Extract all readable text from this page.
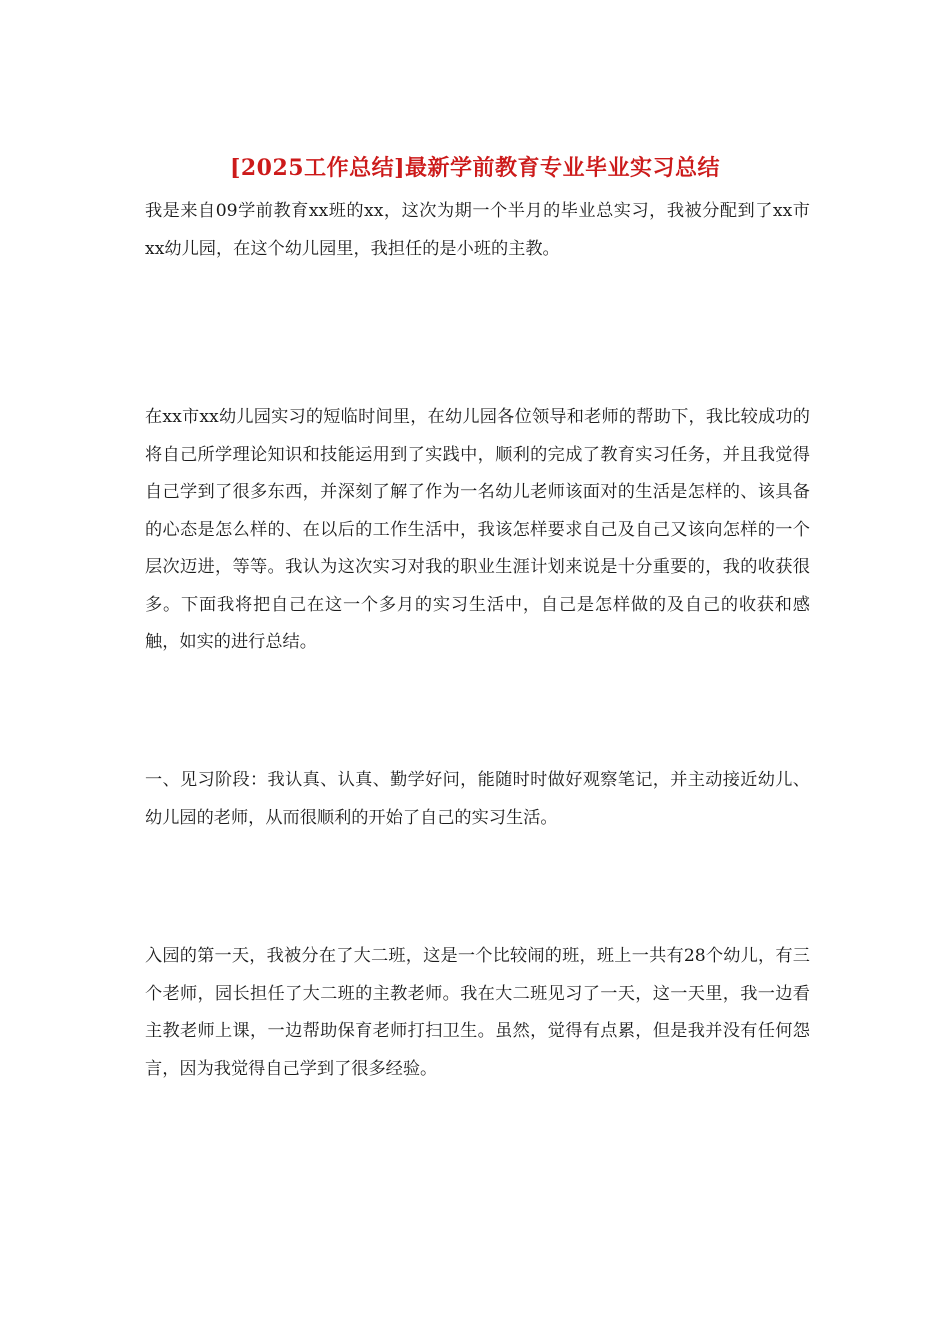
[2025工作总结]最新学前教育专业毕业实习总结

我是来自09学前教育xx班的xx，这次为期一个半月的毕业总实习，我被分配到了xx市xx幼儿园，在这个幼儿园里，我担任的是小班的主教。

在xx市xx幼儿园实习的短临时间里，在幼儿园各位领导和老师的帮助下，我比较成功的将自己所学理论知识和技能运用到了实践中，顺利的完成了教育实习任务，并且我觉得自己学到了很多东西，并深刻了解了作为一名幼儿老师该面对的生活是怎样的、该具备的心态是怎么样的、在以后的工作生活中，我该怎样要求自己及自己又该向怎样的一个层次迈进，等等。我认为这次实习对我的职业生涯计划来说是十分重要的，我的收获很多。下面我将把自己在这一个多月的实习生活中，自己是怎样做的及自己的收获和感触，如实的进行总结。

一、见习阶段：我认真、认真、勤学好问，能随时时做好观察笔记，并主动接近幼儿、幼儿园的老师，从而很顺利的开始了自己的实习生活。

入园的第一天，我被分在了大二班，这是一个比较闹的班，班上一共有28个幼儿，有三个老师，园长担任了大二班的主教老师。我在大二班见习了一天，这一天里，我一边看主教老师上课，一边帮助保育老师打扫卫生。虽然，觉得有点累，但是我并没有任何怨言，因为我觉得自己学到了很多经验。
